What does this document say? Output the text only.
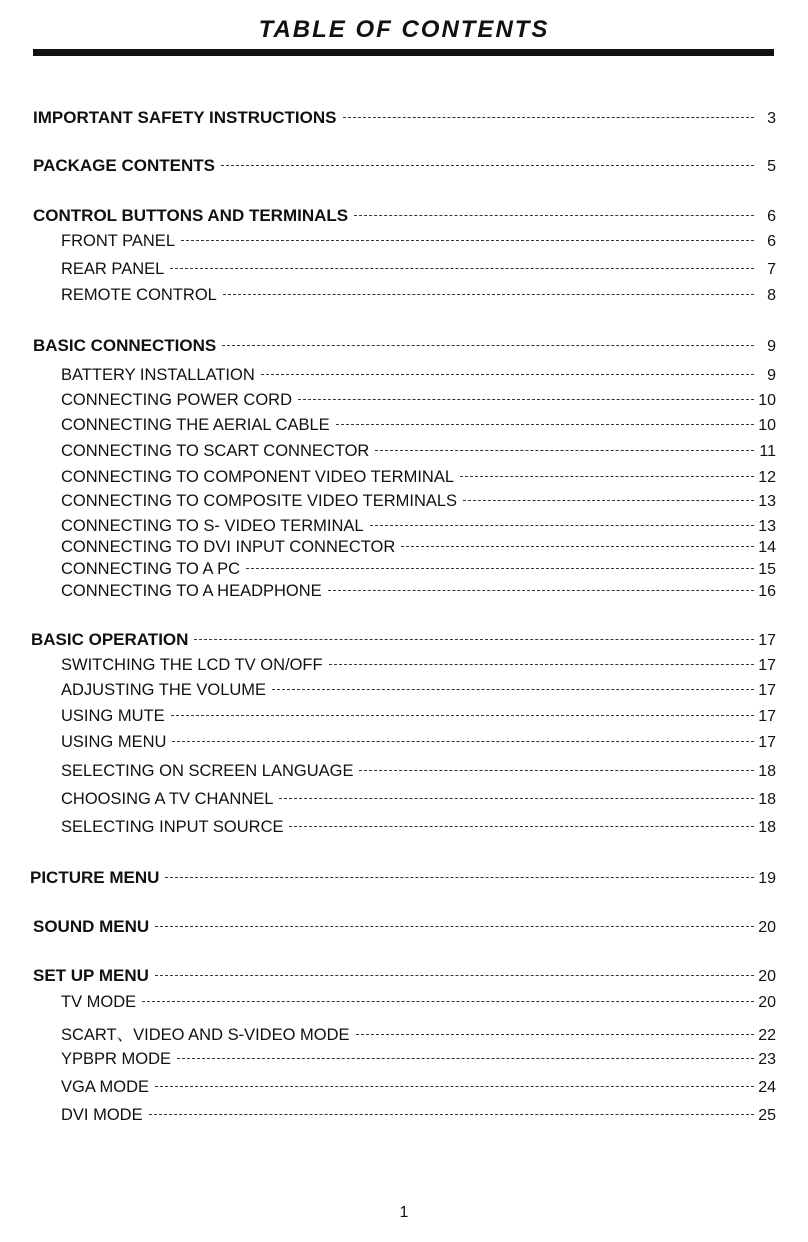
TABLE OF CONTENTS
IMPORTANT SAFETY INSTRUCTIONS	3
PACKAGE CONTENTS	5
CONTROL BUTTONS AND TERMINALS	6
FRONT PANEL	6
REAR PANEL	7
REMOTE CONTROL	8
BASIC CONNECTIONS	9
BATTERY INSTALLATION	9
CONNECTING POWER CORD	10
CONNECTING THE AERIAL CABLE	10
CONNECTING TO SCART CONNECTOR	11
CONNECTING TO COMPONENT VIDEO TERMINAL	12
CONNECTING TO COMPOSITE VIDEO TERMINALS	13
CONNECTING TO S- VIDEO TERMINAL	13
CONNECTING TO DVI INPUT CONNECTOR	14
CONNECTING TO A PC	15
CONNECTING TO A HEADPHONE	16
BASIC OPERATION	17
SWITCHING THE LCD TV ON/OFF	17
ADJUSTING THE VOLUME	17
USING MUTE	17
USING MENU	17
SELECTING ON SCREEN LANGUAGE	18
CHOOSING A TV CHANNEL	18
SELECTING INPUT SOURCE	18
PICTURE MENU	19
SOUND MENU	20
SET UP MENU	20
TV MODE	20
SCART、VIDEO AND S-VIDEO MODE	22
YPBPR MODE	23
VGA MODE	24
DVI MODE	25
1
